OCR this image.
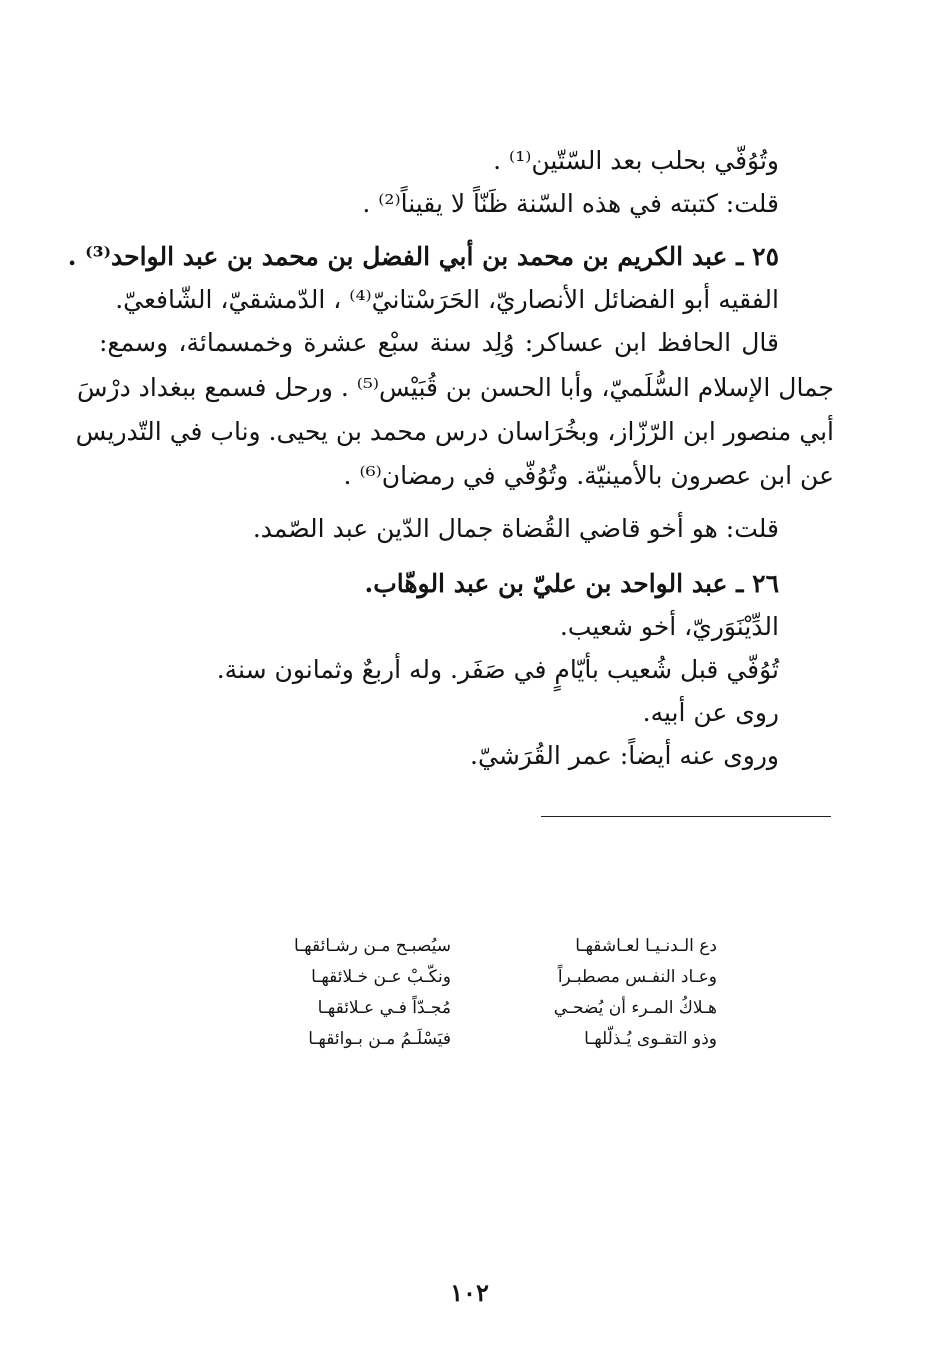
وتُوُفّي بحلب بعد السّتّين⁽¹⁾ .
قلت: كتبته في هذه السّنة ظَنّاً لا يقيناً⁽²⁾ .
٢٥ ـ عبد الكريم بن محمد بن أبي الفضل بن محمد بن عبد الواحد⁽³⁾ .
الفقيه أبو الفضائل الأنصاريّ، الحَرَسْتانيّ⁽⁴⁾ ، الدّمشقيّ، الشّافعيّ.
قال الحافظ ابن عساكر: وُلِد سنة سبْع عشرة وخمسمائة، وسمع:
جمال الإسلام السُّلَميّ، وأبا الحسن بن قُبَيْس⁽⁵⁾ . ورحل فسمع ببغداد درْسَ
أبي منصور ابن الرّزّاز، وبخُرَاسان درس محمد بن يحيى. وناب في التّدريس
عن ابن عصرون بالأمينيّة. وتُوُفّي في رمضان⁽⁶⁾ .
قلت: هو أخو قاضي القُضاة جمال الدّين عبد الصّمد.
٢٦ ـ عبد الواحد بن عليّ بن عبد الوهّاب.
الدِّيْنَوَريّ، أخو شعيب.
تُوُفّي قبل شُعيب بأيّامٍ في صَفَر. وله أربعٌ وثمانون سنة.
روى عن أبيه.
وروى عنه أيضاً: عمر القُرَشيّ.
دع الـدنـيـا لعـاشقهـا
سيُصبـح مـن رشـائقهـا
وعـاد النفـس مصطبـراً
ونكّـبْ عـن خـلائقهـا
هـلاكُ المـرء أن يُضحـي
مُجـدّاً فـي عـلائقهـا
وذو التقـوى يُـذلّلهـا
فيَسْلَـمُ مـن بـوائقهـا
١٠٢
